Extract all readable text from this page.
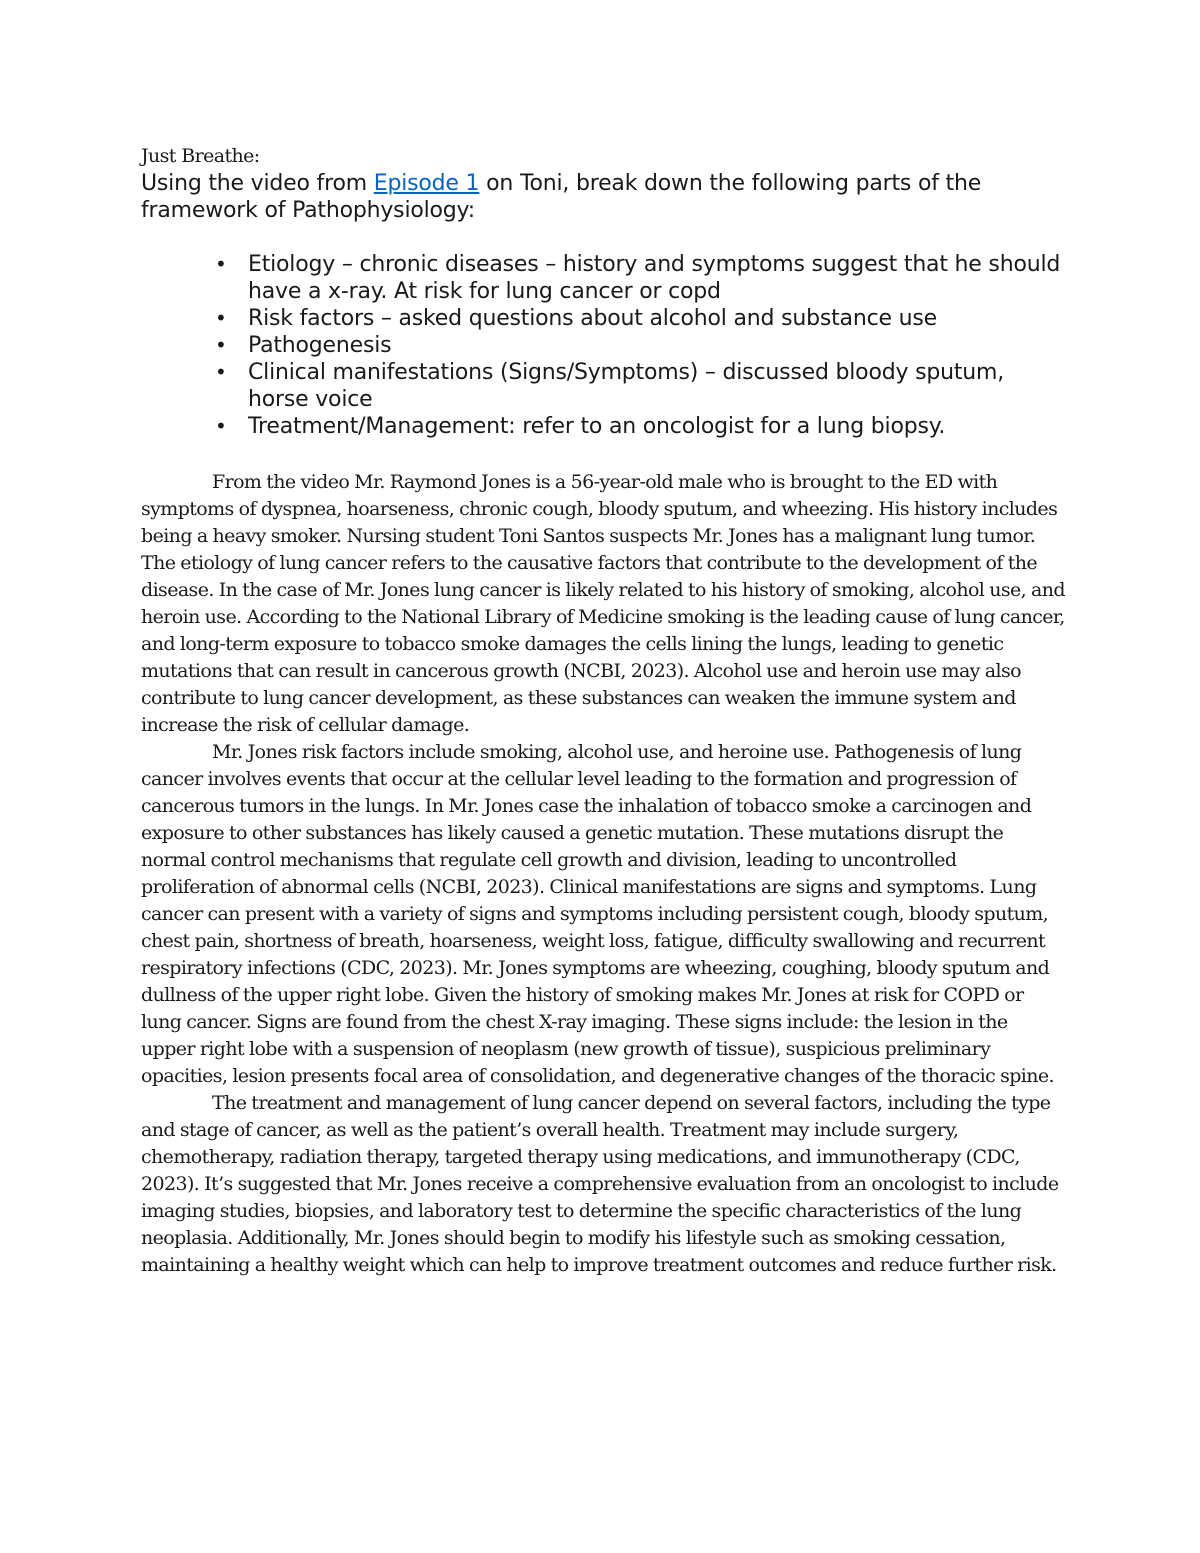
Just Breathe:

Using the video from Episode 1 on Toni, break down the following parts of the framework of Pathophysiology:

• Etiology – chronic diseases – history and symptoms suggest that he should have a x-ray. At risk for lung cancer or copd
• Risk factors – asked questions about alcohol and substance use
• Pathogenesis
• Clinical manifestations (Signs/Symptoms) – discussed bloody sputum, horse voice
• Treatment/Management: refer to an oncologist for a lung biopsy.

From the video Mr. Raymond Jones is a 56-year-old male who is brought to the ED with symptoms of dyspnea, hoarseness, chronic cough, bloody sputum, and wheezing. His history includes being a heavy smoker. Nursing student Toni Santos suspects Mr. Jones has a malignant lung tumor. The etiology of lung cancer refers to the causative factors that contribute to the development of the disease. In the case of Mr. Jones lung cancer is likely related to his history of smoking, alcohol use, and heroin use. According to the National Library of Medicine smoking is the leading cause of lung cancer, and long-term exposure to tobacco smoke damages the cells lining the lungs, leading to genetic mutations that can result in cancerous growth (NCBI, 2023). Alcohol use and heroin use may also contribute to lung cancer development, as these substances can weaken the immune system and increase the risk of cellular damage.

Mr. Jones risk factors include smoking, alcohol use, and heroine use. Pathogenesis of lung cancer involves events that occur at the cellular level leading to the formation and progression of cancerous tumors in the lungs. In Mr. Jones case the inhalation of tobacco smoke a carcinogen and exposure to other substances has likely caused a genetic mutation. These mutations disrupt the normal control mechanisms that regulate cell growth and division, leading to uncontrolled proliferation of abnormal cells (NCBI, 2023). Clinical manifestations are signs and symptoms. Lung cancer can present with a variety of signs and symptoms including persistent cough, bloody sputum, chest pain, shortness of breath, hoarseness, weight loss, fatigue, difficulty swallowing and recurrent respiratory infections (CDC, 2023). Mr. Jones symptoms are wheezing, coughing, bloody sputum and dullness of the upper right lobe. Given the history of smoking makes Mr. Jones at risk for COPD or lung cancer. Signs are found from the chest X-ray imaging. These signs include: the lesion in the upper right lobe with a suspension of neoplasm (new growth of tissue), suspicious preliminary opacities, lesion presents focal area of consolidation, and degenerative changes of the thoracic spine.

The treatment and management of lung cancer depend on several factors, including the type and stage of cancer, as well as the patient’s overall health. Treatment may include surgery, chemotherapy, radiation therapy, targeted therapy using medications, and immunotherapy (CDC, 2023). It’s suggested that Mr. Jones receive a comprehensive evaluation from an oncologist to include imaging studies, biopsies, and laboratory test to determine the specific characteristics of the lung neoplasia. Additionally, Mr. Jones should begin to modify his lifestyle such as smoking cessation, maintaining a healthy weight which can help to improve treatment outcomes and reduce further risk.
